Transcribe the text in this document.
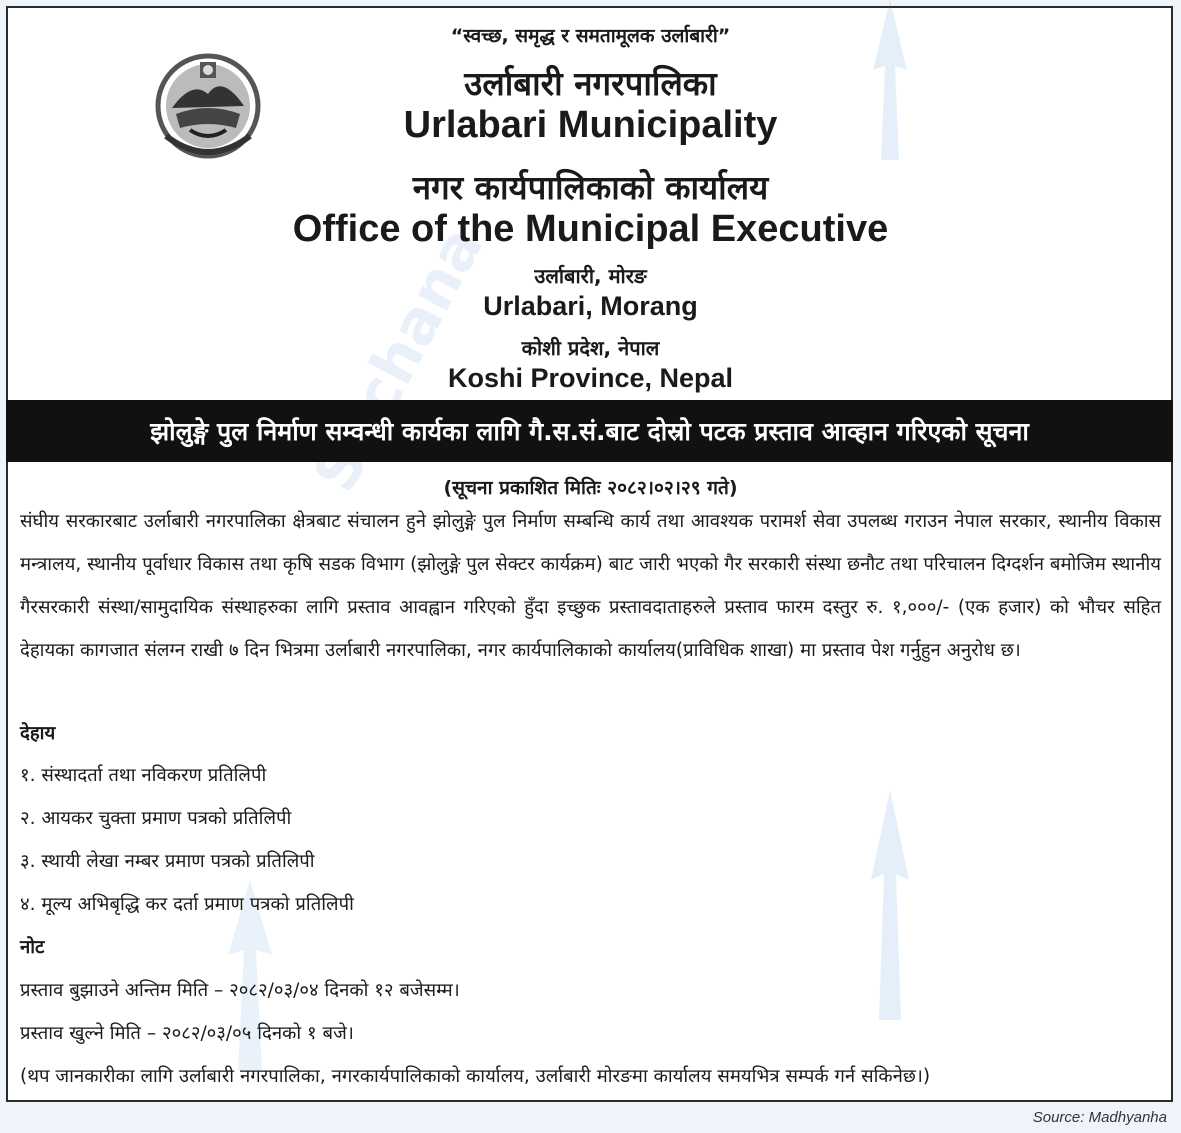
“स्वच्छ, समृद्ध र समतामूलक उर्लाबारी”
उर्लाबारी नगरपालिका
Urlabari Municipality
नगर कार्यपालिकाको कार्यालय
Office of the Municipal Executive
उर्लाबारी, मोरङ
Urlabari, Morang
कोशी प्रदेश, नेपाल
Koshi Province, Nepal
झोलुङ्गे पुल निर्माण सम्वन्धी कार्यका लागि गै.स.सं.बाट दोस्रो पटक प्रस्ताव आव्हान गरिएको सूचना
(सूचना प्रकाशित मितिः २०८२।०२।२९ गते)
संघीय सरकारबाट उर्लाबारी नगरपालिका क्षेत्रबाट संचालन हुने झोलुङ्गे पुल निर्माण सम्बन्धि कार्य तथा आवश्यक परामर्श सेवा उपलब्ध गराउन नेपाल सरकार, स्थानीय विकास मन्त्रालय, स्थानीय पूर्वाधार विकास तथा कृषि सडक विभाग (झोलुङ्गे पुल सेक्टर कार्यक्रम) बाट जारी भएको गैर सरकारी संस्था छनौट तथा परिचालन दिग्दर्शन बमोजिम स्थानीय गैरसरकारी संस्था/सामुदायिक संस्थाहरुका लागि प्रस्ताव आवह्वान गरिएको हुँदा इच्छुक प्रस्तावदाताहरुले प्रस्ताव फारम दस्तुर रु. १,०००/- (एक हजार) को भौचर सहित देहायका कागजात संलग्न राखी ७ दिन भित्रमा उर्लाबारी नगरपालिका, नगर कार्यपालिकाको कार्यालय(प्राविधिक शाखा) मा प्रस्ताव पेश गर्नुहुन अनुरोध छ।
देहाय
१. संस्थादर्ता तथा नविकरण प्रतिलिपी
२. आयकर चुक्ता प्रमाण पत्रको प्रतिलिपी
३. स्थायी लेखा नम्बर प्रमाण पत्रको प्रतिलिपी
४. मूल्य अभिबृद्धि कर दर्ता प्रमाण पत्रको प्रतिलिपी
नोट
प्रस्ताव बुझाउने अन्तिम मिति – २०८२/०३/०४ दिनको १२ बजेसम्म।
प्रस्ताव खुल्ने मिति – २०८२/०३/०५ दिनको १ बजे।
(थप जानकारीका लागि उर्लाबारी नगरपालिका, नगरकार्यपालिकाको कार्यालय, उर्लाबारी मोरङमा कार्यालय समयभित्र सम्पर्क गर्न सकिनेछ।)
Source: Madhyanha
